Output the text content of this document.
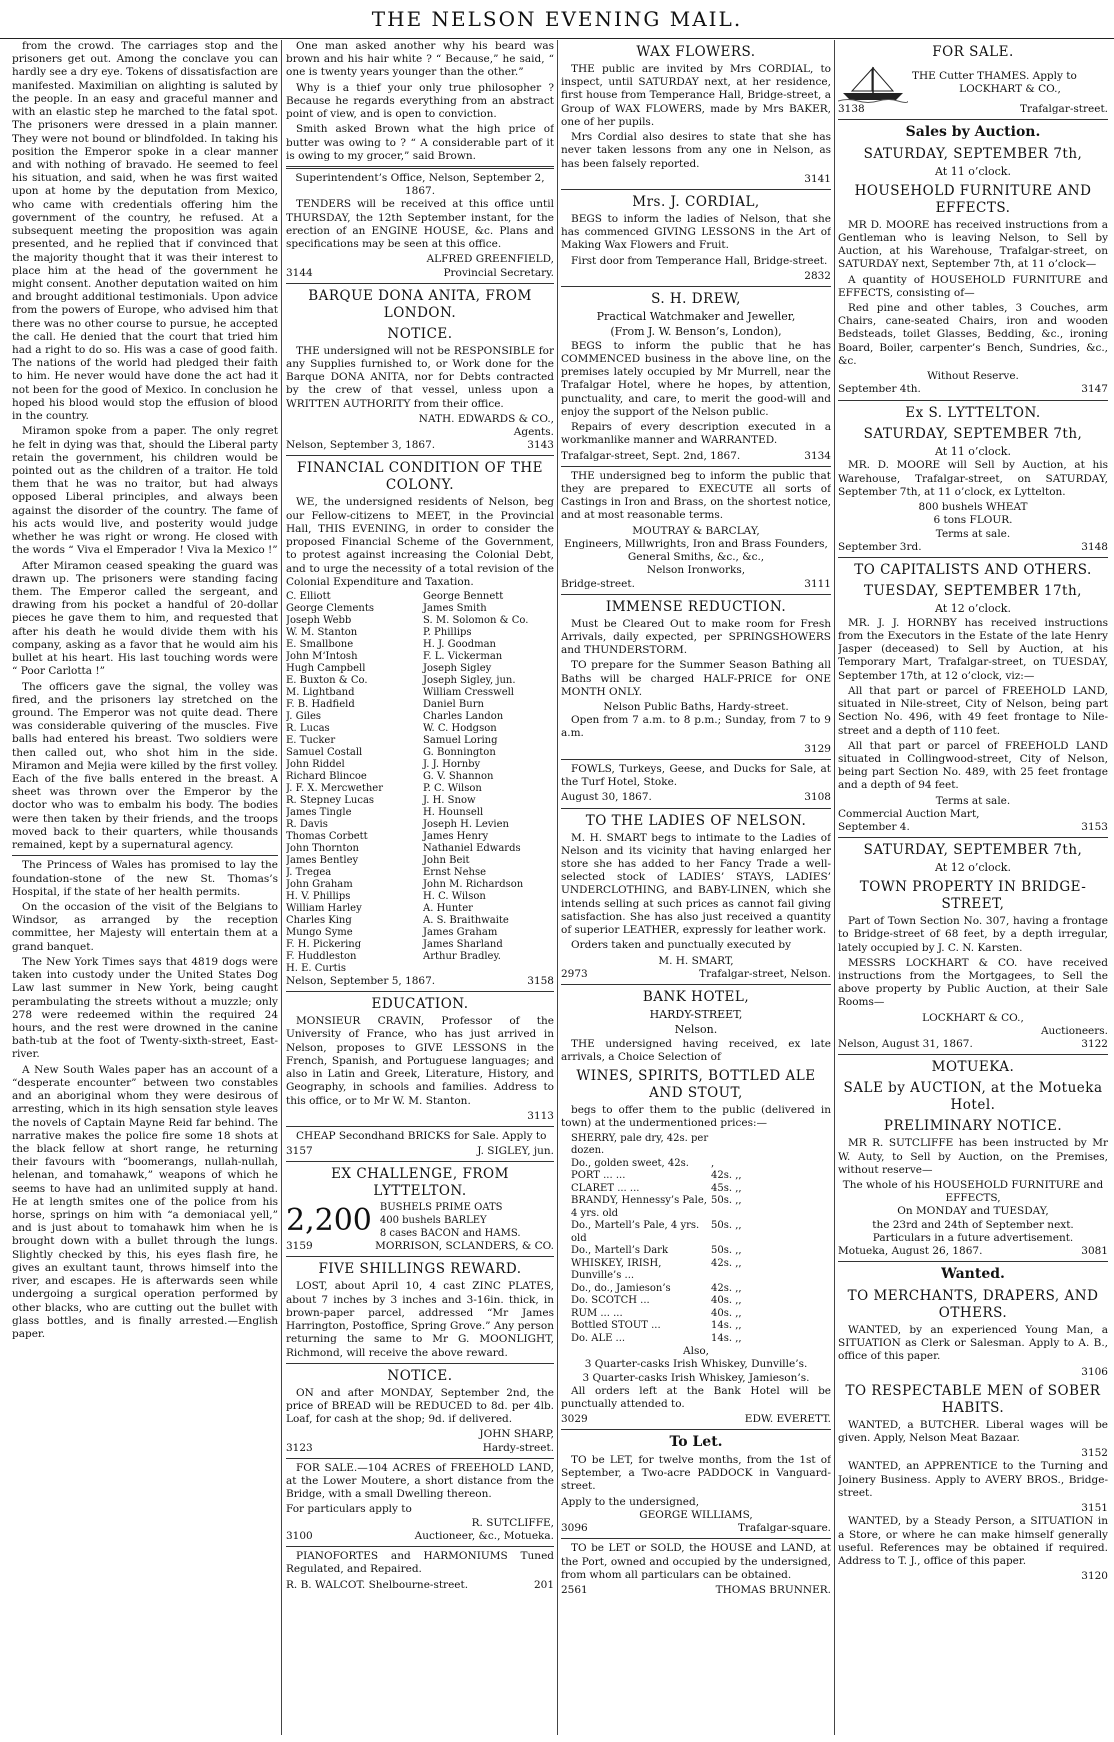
THE NELSON EVENING MAIL.

from the crowd. The carriages stop and the prisoners get out. Among the conclave you can hardly see a dry eye. Tokens of dissatisfaction are manifested. Maximilian on alighting is saluted by the people. In an easy and graceful manner and with an elastic step he marched to the fatal spot. The prisoners were dressed in a plain manner. They were not bound or blindfolded. In taking his position the Emperor spoke in a clear manner and with nothing of bravado. He seemed to feel his situation, and said, when he was first waited upon at home by the deputation from Mexico, who came with credentials offering him the government of the country, he refused. At a subsequent meeting the proposition was again presented, and he replied that if convinced that the majority thought that it was their interest to place him at the head of the government he might consent. Another deputation waited on him and brought additional testimonials. Upon advice from the powers of Europe, who advised him that there was no other course to pursue, he accepted the call. He denied that the court that tried him had a right to do so. His was a case of good faith. The nations of the world had pledged their faith to him. He never would have done the act had it not been for the good of Mexico. In conclusion he hoped his blood would stop the effusion of blood in the country.

Miramon spoke from a paper. The only regret he felt in dying was that, should the Liberal party retain the government, his children would be pointed out as the children of a traitor. He told them that he was no traitor, but had always opposed Liberal principles, and always been against the disorder of the country. The fame of his acts would live, and posterity would judge whether he was right or wrong. He closed with the words “ Viva el Emperador ! Viva la Mexico !”

After Miramon ceased speaking the guard was drawn up. The prisoners were standing facing them. The Emperor called the sergeant, and drawing from his pocket a handful of 20-dollar pieces he gave them to him, and requested that after his death he would divide them with his company, asking as a favor that he would aim his bullet at his heart. His last touching words were “ Poor Carlotta !”

The officers gave the signal, the volley was fired, and the prisoners lay stretched on the ground. The Emperor was not quite dead. There was considerable quivering of the muscles. Five balls had entered his breast. Two soldiers were then called out, who shot him in the side. Miramon and Mejia were killed by the first volley. Each of the five balls entered in the breast. A sheet was thrown over the Emperor by the doctor who was to embalm his body. The bodies were then taken by their friends, and the troops moved back to their quarters, while thousands remained, kept by a supernatural agency.

The Princess of Wales has promised to lay the foundation-stone of the new St. Thomas’s Hospital, if the state of her health permits.

On the occasion of the visit of the Belgians to Windsor, as arranged by the reception committee, her Majesty will entertain them at a grand banquet.

The New York Times says that 4819 dogs were taken into custody under the United States Dog Law last summer in New York, being caught perambulating the streets without a muzzle; only 278 were redeemed within the required 24 hours, and the rest were drowned in the canine bath-tub at the foot of Twenty-sixth-street, East-river.

A New South Wales paper has an account of a “desperate encounter” between two constables and an aboriginal whom they were desirous of arresting, which in its high sensation style leaves the novels of Captain Mayne Reid far behind. The narrative makes the police fire some 18 shots at the black fellow at short range, he returning their favours with “boomerangs, nullah-nullah, helenan, and tomahawk,” weapons of which he seems to have had an unlimited supply at hand. He at length smites one of the police from his horse, springs on him with “a demoniacal yell,” and is just about to tomahawk him when he is brought down with a bullet through the lungs. Slightly checked by this, his eyes flash fire, he gives an exultant taunt, throws himself into the river, and escapes. He is afterwards seen while undergoing a surgical operation performed by other blacks, who are cutting out the bullet with glass bottles, and is finally arrested.—English paper.

One man asked another why his beard was brown and his hair white ? “ Because,” he said, “ one is twenty years younger than the other.”

Why is a thief your only true philosopher ? Because he regards everything from an abstract point of view, and is open to conviction.

Smith asked Brown what the high price of butter was owing to ? “ A considerable part of it is owing to my grocer,” said Brown.

Superintendent’s Office, Nelson, September 2, 1867.

TENDERS will be received at this office until THURSDAY, the 12th September instant, for the erection of an ENGINE HOUSE, &c. Plans and specifications may be seen at this office.

ALFRED GREENFIELD,
3144	Provincial Secretary.
BARQUE DONA ANITA, FROM LONDON.
NOTICE.

THE undersigned will not be RESPONSIBLE for any Supplies furnished to, or Work done for the Barque DONA ANITA, nor for Debts contracted by the crew of that vessel, unless upon a WRITTEN AUTHORITY from their office.

NATH. EDWARDS & CO.,
Agents.
Nelson, September 3, 1867.	3143
FINANCIAL CONDITION OF THE COLONY.

WE, the undersigned residents of Nelson, beg our Fellow-citizens to MEET, in the Provincial Hall, THIS EVENING, in order to consider the proposed Financial Scheme of the Government, to protest against increasing the Colonial Debt, and to urge the necessity of a total revision of the Colonial Expenditure and Taxation.

C. Elliott	George Bennett
George Clements	James Smith
Joseph Webb	S. M. Solomon & Co.
W. M. Stanton	P. Phillips
E. Smallbone	H. J. Goodman
John M‘Intosh	F. L. Vickerman
Hugh Campbell	Joseph Sigley
E. Buxton & Co.	Joseph Sigley, jun.
M. Lightband	William Cresswell
F. B. Hadfield	Daniel Burn
J. Giles	Charles Landon
R. Lucas	W. C. Hodgson
E. Tucker	Samuel Loring
Samuel Costall	G. Bonnington
John Riddel	J. J. Hornby
Richard Blincoe	G. V. Shannon
J. F. X. Mercwether	P. C. Wilson
R. Stepney Lucas	J. H. Snow
James Tingle	H. Hounsell
R. Davis	Joseph H. Levien
Thomas Corbett	James Henry
John Thornton	Nathaniel Edwards
James Bentley	John Beit
J. Tregea	Ernst Nehse
John Graham	John M. Richardson
H. V. Phillips	H. C. Wilson
William Harley	A. Hunter
Charles King	A. S. Braithwaite
Mungo Syme	James Graham
F. H. Pickering	James Sharland
F. Huddleston	Arthur Bradley.
H. E. Curtis
Nelson, September 5, 1867.	3158
EDUCATION.

MONSIEUR CRAVIN, Professor of the University of France, who has just arrived in Nelson, proposes to GIVE LESSONS in the French, Spanish, and Portuguese languages; and also in Latin and Greek, Literature, History, and Geography, in schools and families. Address to this office, or to Mr W. M. Stanton.

3113

CHEAP Secondhand BRICKS for Sale. Apply to

3157	J. SIGLEY, jun.
EX CHALLENGE, FROM LYTTELTON.
2,200 BUSHELS PRIME OATS
400 bushels BARLEY
8 cases BACON and HAMS.
3159	MORRISON, SCLANDERS, & CO.
FIVE SHILLINGS REWARD.

LOST, about April 10, 4 cast ZINC PLATES, about 7 inches by 3 inches and 3-16in. thick, in brown-paper parcel, addressed “Mr James Harrington, Postoffice, Spring Grove.” Any person returning the same to Mr G. MOONLIGHT, Richmond, will receive the above reward.

NOTICE.

ON and after MONDAY, September 2nd, the price of BREAD will be REDUCED to 8d. per 4lb. Loaf, for cash at the shop; 9d. if delivered.

JOHN SHARP,
3123	Hardy-street.

FOR SALE.—104 ACRES of FREEHOLD LAND, at the Lower Moutere, a short distance from the Bridge, with a small Dwelling thereon.

For particulars apply to
R. SUTCLIFFE,
3100	Auctioneer, &c., Motueka.

PIANOFORTES and HARMONIUMS Tuned Regulated, and Repaired.

R. B. WALCOT. Shelbourne-street.	201
WAX FLOWERS.

THE public are invited by Mrs CORDIAL, to inspect, until SATURDAY next, at her residence, first house from Temperance Hall, Bridge-street, a Group of WAX FLOWERS, made by Mrs BAKER, one of her pupils.

Mrs Cordial also desires to state that she has never taken lessons from any one in Nelson, as has been falsely reported.

3141
Mrs. J. CORDIAL,

BEGS to inform the ladies of Nelson, that she has commenced GIVING LESSONS in the Art of Making Wax Flowers and Fruit.

First door from Temperance Hall, Bridge-street.

2832
S. H. DREW,
Practical Watchmaker and Jeweller,
(From J. W. Benson’s, London),

BEGS to inform the public that he has COMMENCED business in the above line, on the premises lately occupied by Mr Murrell, near the Trafalgar Hotel, where he hopes, by attention, punctuality, and care, to merit the good-will and enjoy the support of the Nelson public.

Repairs of every description executed in a workmanlike manner and WARRANTED.

Trafalgar-street, Sept. 2nd, 1867.	3134

THE undersigned beg to inform the public that they are prepared to EXECUTE all sorts of Castings in Iron and Brass, on the shortest notice, and at most reasonable terms.

MOUTRAY & BARCLAY,
Engineers, Millwrights, Iron and Brass Founders, General Smiths, &c., &c.,
Nelson Ironworks,
Bridge-street.	3111
IMMENSE REDUCTION.

Must be Cleared Out to make room for Fresh Arrivals, daily expected, per SPRINGSHOWERS and THUNDERSTORM.

TO prepare for the Summer Season Bathing all Baths will be charged HALF-PRICE for ONE MONTH ONLY.

Nelson Public Baths, Hardy-street.

Open from 7 a.m. to 8 p.m.; Sunday, from 7 to 9 a.m.

3129

FOWLS, Turkeys, Geese, and Ducks for Sale, at the Turf Hotel, Stoke.

August 30, 1867.	3108
TO THE LADIES OF NELSON.

M. H. SMART begs to intimate to the Ladies of Nelson and its vicinity that having enlarged her store she has added to her Fancy Trade a well-selected stock of LADIES’ STAYS, LADIES’ UNDERCLOTHING, and BABY-LINEN, which she intends selling at such prices as cannot fail giving satisfaction. She has also just received a quantity of superior LEATHER, expressly for leather work.

Orders taken and punctually executed by

M. H. SMART,
2973	Trafalgar-street, Nelson.
BANK HOTEL,
HARDY-STREET,
Nelson.

THE undersigned having received, ex late arrivals, a Choice Selection of

WINES, SPIRITS, BOTTLED ALE AND STOUT,

begs to offer them to the public (delivered in town) at the undermentioned prices:—

SHERRY, pale dry, 42s. per dozen.
Do., golden sweet, 42s.	,
PORT ... ...	42s. ,,
CLARET ... ...	45s. ,,
BRANDY, Hennessy’s Pale, 4 yrs. old
50s. ,,
Do., Martell’s Pale, 4 yrs. old
50s. ,,
Do., Martell’s Dark	50s. ,,
WHISKEY, IRISH, Dunville’s ...
42s. ,,
Do., do., Jamieson’s	42s. ,,
Do. SCOTCH ...	40s. ,,
RUM ... ...	40s. ,,
Bottled STOUT ...	14s. ,,
Do. ALE ...	14s. ,,
Also,
3 Quarter-casks Irish Whiskey, Dunville’s.
3 Quarter-casks Irish Whiskey, Jamieson’s.

All orders left at the Bank Hotel will be punctually attended to.

3029	EDW. EVERETT.
To Let.

TO be LET, for twelve months, from the 1st of September, a Two-acre PADDOCK in Vanguard-street.

Apply to the undersigned,
GEORGE WILLIAMS,
3096	Trafalgar-square.

TO be LET or SOLD, the HOUSE and LAND, at the Port, owned and occupied by the undersigned, from whom all particulars can be obtained.

2561	THOMAS BRUNNER.
FOR SALE.
THE Cutter THAMES. Apply to
LOCKHART & CO.,
3138	Trafalgar-street.
Sales by Auction.
SATURDAY, SEPTEMBER 7th,
At 11 o’clock.
HOUSEHOLD FURNITURE AND EFFECTS.

MR D. MOORE has received instructions from a Gentleman who is leaving Nelson, to Sell by Auction, at his Warehouse, Trafalgar-street, on SATURDAY next, September 7th, at 11 o’clock—

A quantity of HOUSEHOLD FURNITURE and EFFECTS, consisting of—

Red pine and other tables, 3 Couches, arm Chairs, cane-seated Chairs, iron and wooden Bedsteads, toilet Glasses, Bedding, &c., ironing Board, Boiler, carpenter’s Bench, Sundries, &c., &c.

Without Reserve.
September 4th.	3147
Ex S. LYTTELTON.
SATURDAY, SEPTEMBER 7th,
At 11 o’clock.

MR. D. MOORE will Sell by Auction, at his Warehouse, Trafalgar-street, on SATURDAY, September 7th, at 11 o’clock, ex Lyttelton.

800 bushels WHEAT
6 tons FLOUR.
Terms at sale.
September 3rd.	3148
TO CAPITALISTS AND OTHERS.
TUESDAY, SEPTEMBER 17th,
At 12 o’clock.

MR. J. J. HORNBY has received instructions from the Executors in the Estate of the late Henry Jasper (deceased) to Sell by Auction, at his Temporary Mart, Trafalgar-street, on TUESDAY, September 17th, at 12 o’clock, viz:—

All that part or parcel of FREEHOLD LAND, situated in Nile-street, City of Nelson, being part Section No. 496, with 49 feet frontage to Nile-street and a depth of 110 feet.

All that part or parcel of FREEHOLD LAND situated in Collingwood-street, City of Nelson, being part Section No. 489, with 25 feet frontage and a depth of 94 feet.

Terms at sale.
Commercial Auction Mart,
September 4.	3153
SATURDAY, SEPTEMBER 7th,
At 12 o’clock.
TOWN PROPERTY IN BRIDGE-STREET,

Part of Town Section No. 307, having a frontage to Bridge-street of 68 feet, by a depth irregular, lately occupied by J. C. N. Karsten.

MESSRS LOCKHART & CO. have received instructions from the Mortgagees, to Sell the above property by Public Auction, at their Sale Rooms—

LOCKHART & CO.,
Auctioneers.
Nelson, August 31, 1867.	3122
MOTUEKA.
SALE by AUCTION, at the Motueka Hotel.
PRELIMINARY NOTICE.

MR R. SUTCLIFFE has been instructed by Mr W. Auty, to Sell by Auction, on the Premises, without reserve—

The whole of his HOUSEHOLD FURNITURE and EFFECTS,
On MONDAY and TUESDAY,
the 23rd and 24th of September next.
Particulars in a future advertisement.
Motueka, August 26, 1867.	3081
Wanted.
TO MERCHANTS, DRAPERS, AND OTHERS.

WANTED, by an experienced Young Man, a SITUATION as Clerk or Salesman. Apply to A. B., office of this paper.

3106
TO RESPECTABLE MEN of SOBER HABITS.

WANTED, a BUTCHER. Liberal wages will be given. Apply, Nelson Meat Bazaar.

3152

WANTED, an APPRENTICE to the Turning and Joinery Business. Apply to AVERY BROS., Bridge-street.

3151

WANTED, by a Steady Person, a SITUATION in a Store, or where he can make himself generally useful. References may be obtained if required. Address to T. J., office of this paper.

3120
